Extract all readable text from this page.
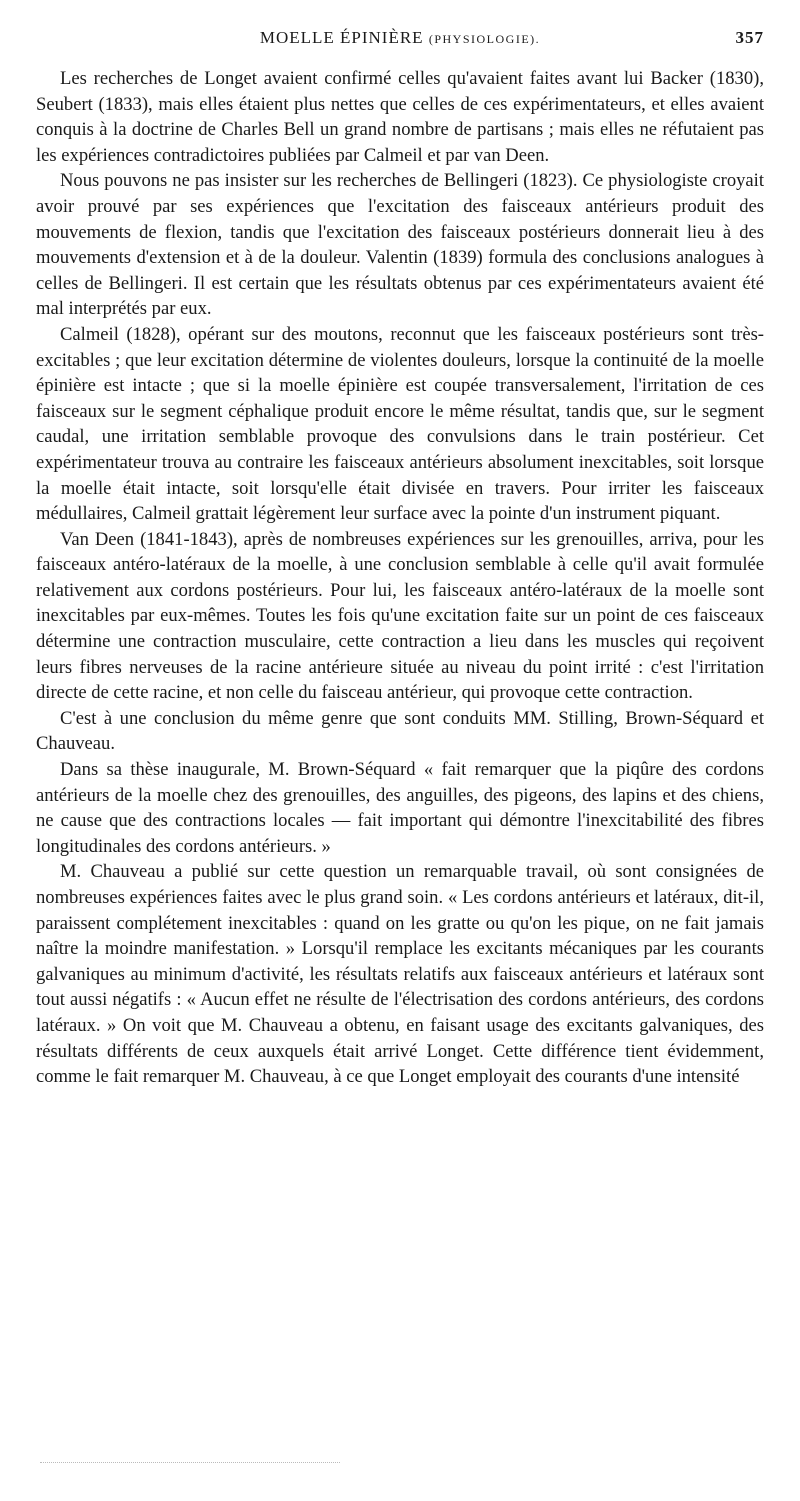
MOELLE ÉPINIÈRE (PHYSIOLOGIE).	357

Les recherches de Longet avaient confirmé celles qu'avaient faites avant lui Backer (1830), Seubert (1833), mais elles étaient plus nettes que celles de ces expérimentateurs, et elles avaient conquis à la doctrine de Charles Bell un grand nombre de partisans ; mais elles ne réfutaient pas les expériences contradictoires publiées par Calmeil et par van Deen.

Nous pouvons ne pas insister sur les recherches de Bellingeri (1823). Ce physiologiste croyait avoir prouvé par ses expériences que l'excitation des faisceaux antérieurs produit des mouvements de flexion, tandis que l'excitation des faisceaux postérieurs donnerait lieu à des mouvements d'extension et à de la douleur. Valentin (1839) formula des conclusions analogues à celles de Bellingeri. Il est certain que les résultats obtenus par ces expérimentateurs avaient été mal interprétés par eux.

Calmeil (1828), opérant sur des moutons, reconnut que les faisceaux postérieurs sont très-excitables ; que leur excitation détermine de violentes douleurs, lorsque la continuité de la moelle épinière est intacte ; que si la moelle épinière est coupée transversalement, l'irritation de ces faisceaux sur le segment céphalique produit encore le même résultat, tandis que, sur le segment caudal, une irritation semblable provoque des convulsions dans le train postérieur. Cet expérimentateur trouva au contraire les faisceaux antérieurs absolument inexcitables, soit lorsque la moelle était intacte, soit lorsqu'elle était divisée en travers. Pour irriter les faisceaux médullaires, Calmeil grattait légèrement leur surface avec la pointe d'un instrument piquant.

Van Deen (1841-1843), après de nombreuses expériences sur les grenouilles, arriva, pour les faisceaux antéro-latéraux de la moelle, à une conclusion semblable à celle qu'il avait formulée relativement aux cordons postérieurs. Pour lui, les faisceaux antéro-latéraux de la moelle sont inexcitables par eux-mêmes. Toutes les fois qu'une excitation faite sur un point de ces faisceaux détermine une contraction musculaire, cette contraction a lieu dans les muscles qui reçoivent leurs fibres nerveuses de la racine antérieure située au niveau du point irrité : c'est l'irritation directe de cette racine, et non celle du faisceau antérieur, qui provoque cette contraction.

C'est à une conclusion du même genre que sont conduits MM. Stilling, Brown-Séquard et Chauveau.

Dans sa thèse inaugurale, M. Brown-Séquard « fait remarquer que la piqûre des cordons antérieurs de la moelle chez des grenouilles, des anguilles, des pigeons, des lapins et des chiens, ne cause que des contractions locales — fait important qui démontre l'inexcitabilité des fibres longitudinales des cordons antérieurs. »

M. Chauveau a publié sur cette question un remarquable travail, où sont consignées de nombreuses expériences faites avec le plus grand soin. « Les cordons antérieurs et latéraux, dit-il, paraissent complétement inexcitables : quand on les gratte ou qu'on les pique, on ne fait jamais naître la moindre manifestation. » Lorsqu'il remplace les excitants mécaniques par les courants galvaniques au minimum d'activité, les résultats relatifs aux faisceaux antérieurs et latéraux sont tout aussi négatifs : « Aucun effet ne résulte de l'électrisation des cordons antérieurs, des cordons latéraux. » On voit que M. Chauveau a obtenu, en faisant usage des excitants galvaniques, des résultats différents de ceux auxquels était arrivé Longet. Cette différence tient évidemment, comme le fait remarquer M. Chauveau, à ce que Longet employait des courants d'une intensité
